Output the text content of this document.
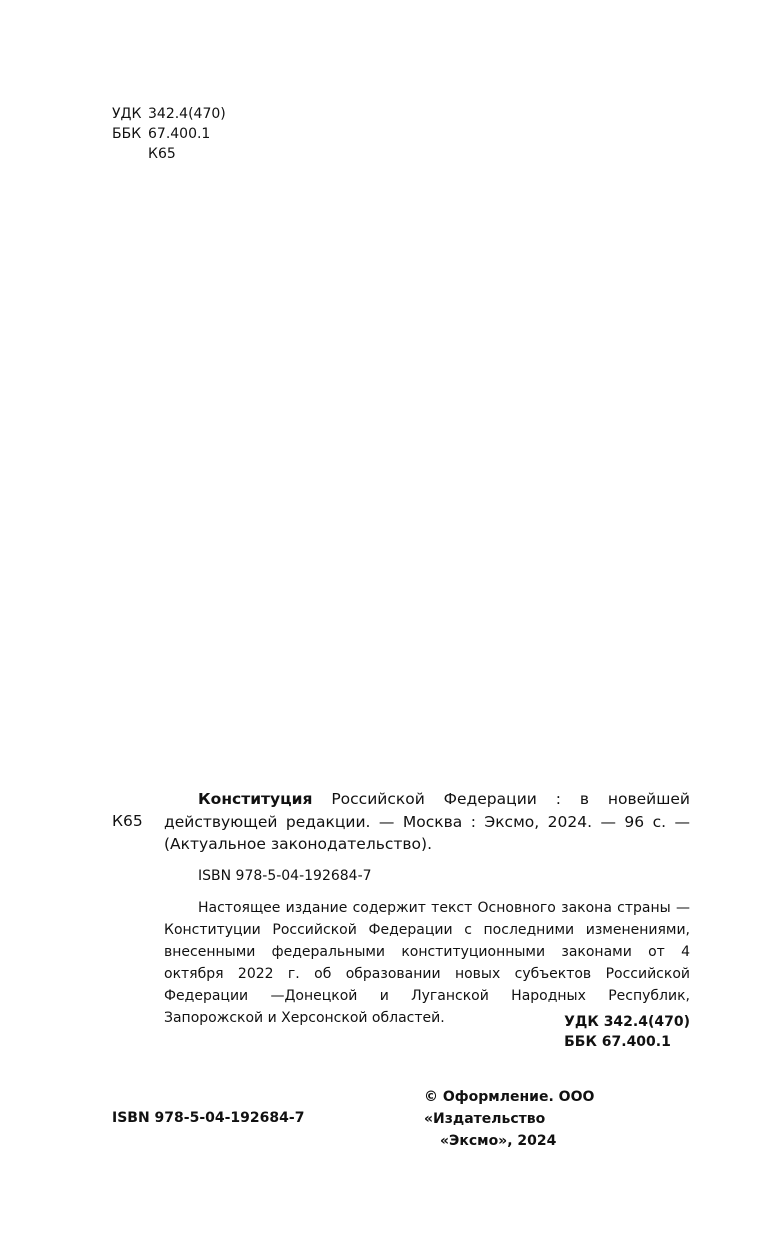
УДК 342.4(470)
ББК 67.400.1
К65
К65

Конституция Российской Федерации : в новейшей действующей редакции. — Москва : Эксмо, 2024. — 96 с. — (Актуальное законодательство).

ISBN 978-5-04-192684-7

Настоящее издание содержит текст Основного закона страны — Конституции Российской Федерации с последними изменениями, внесенными федеральными конституционными законами от 4 октября 2022 г. об образовании новых субъектов Российской Федерации —Донецкой и Луганской Народных Республик, Запорожской и Херсонской областей.	УДК 342.4(470)
ББК 67.400.1
ISBN 978-5-04-192684-7
© Оформление. ООО «Издательство
«Эксмо», 2024
